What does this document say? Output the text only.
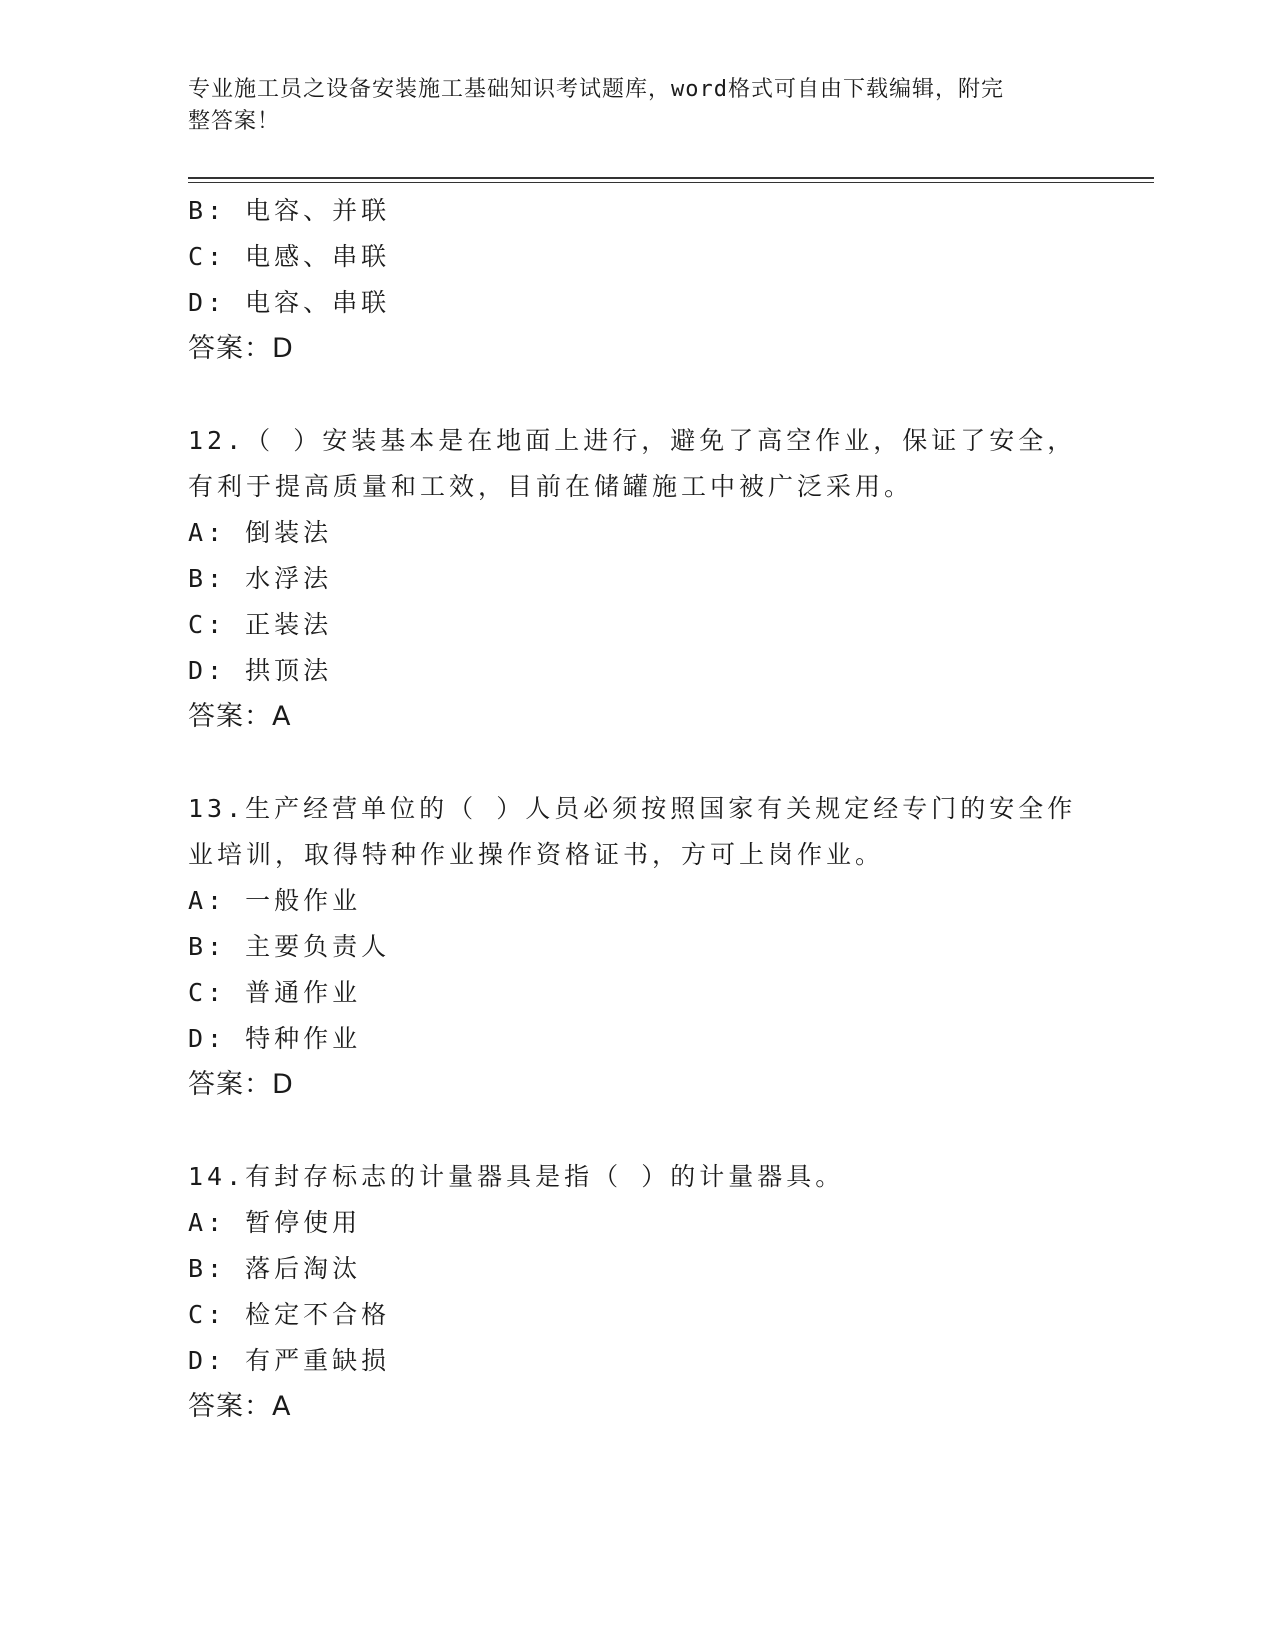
专业施工员之设备安装施工基础知识考试题库，word格式可自由下载编辑，附完
整答案！
B: 电容、并联
C: 电感、串联
D: 电容、串联
答案：D
12.（ ）安装基本是在地面上进行，避免了高空作业，保证了安全，
有利于提高质量和工效，目前在储罐施工中被广泛采用。
A: 倒装法
B: 水浮法
C: 正装法
D: 拱顶法
答案：A
13.生产经营单位的（ ）人员必须按照国家有关规定经专门的安全作
业培训，取得特种作业操作资格证书，方可上岗作业。
A: 一般作业
B: 主要负责人
C: 普通作业
D: 特种作业
答案：D
14.有封存标志的计量器具是指（ ）的计量器具。
A: 暂停使用
B: 落后淘汰
C: 检定不合格
D: 有严重缺损
答案：A
